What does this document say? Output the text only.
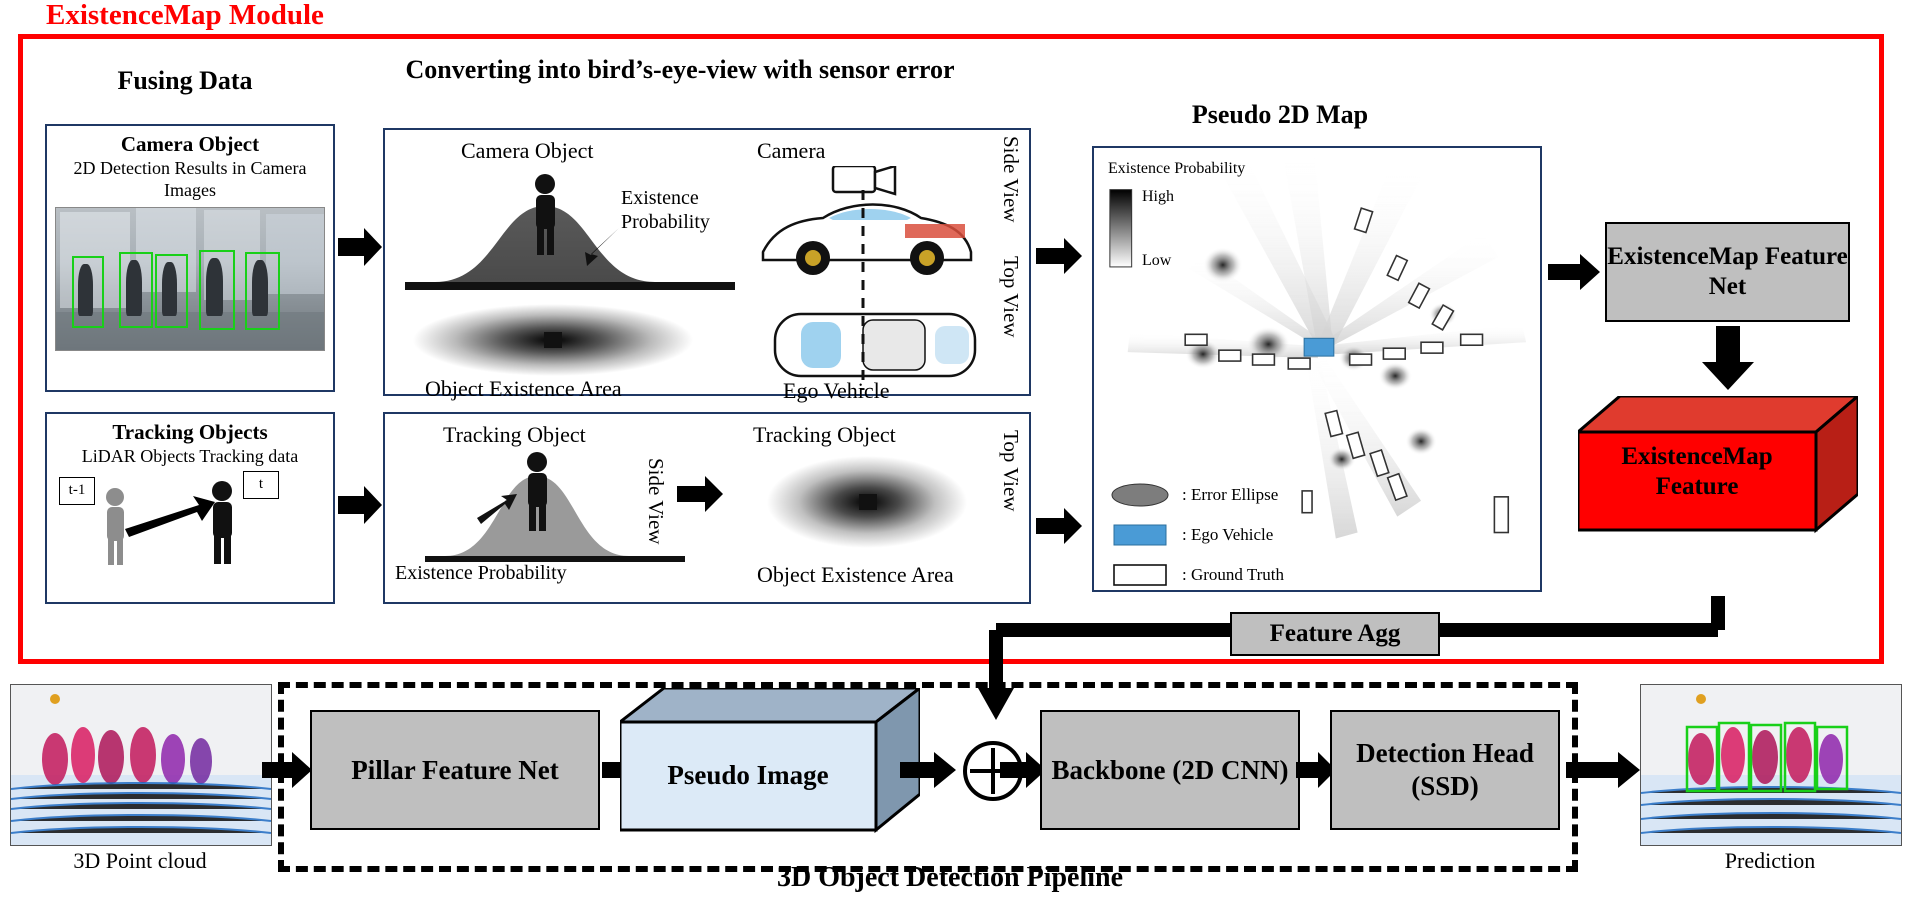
ExistenceMap Module
Fusing Data	Converting into bird’s-eye-view with sensor error
Pseudo 2D Map
Camera Object
2D Detection Results in Camera Images
Tracking Objects
LiDAR Objects Tracking data
t-1	t
Camera Object	Camera
Existence Probability
Object Existence Area	Ego Vehicle
Side View
Top View
Tracking Object	Tracking Object
Existence Probability
Side View
Object Existence Area
Top View
Existence Probability
High
Low
: Error Ellipse
: Ego Vehicle
: Ground Truth
ExistenceMap Feature Net
ExistenceMap Feature
Feature Agg
3D Point cloud
Pillar Feature Net	Pseudo Image	Backbone (2D CNN)
Detection Head (SSD)
Prediction
3D Object Detection Pipeline
